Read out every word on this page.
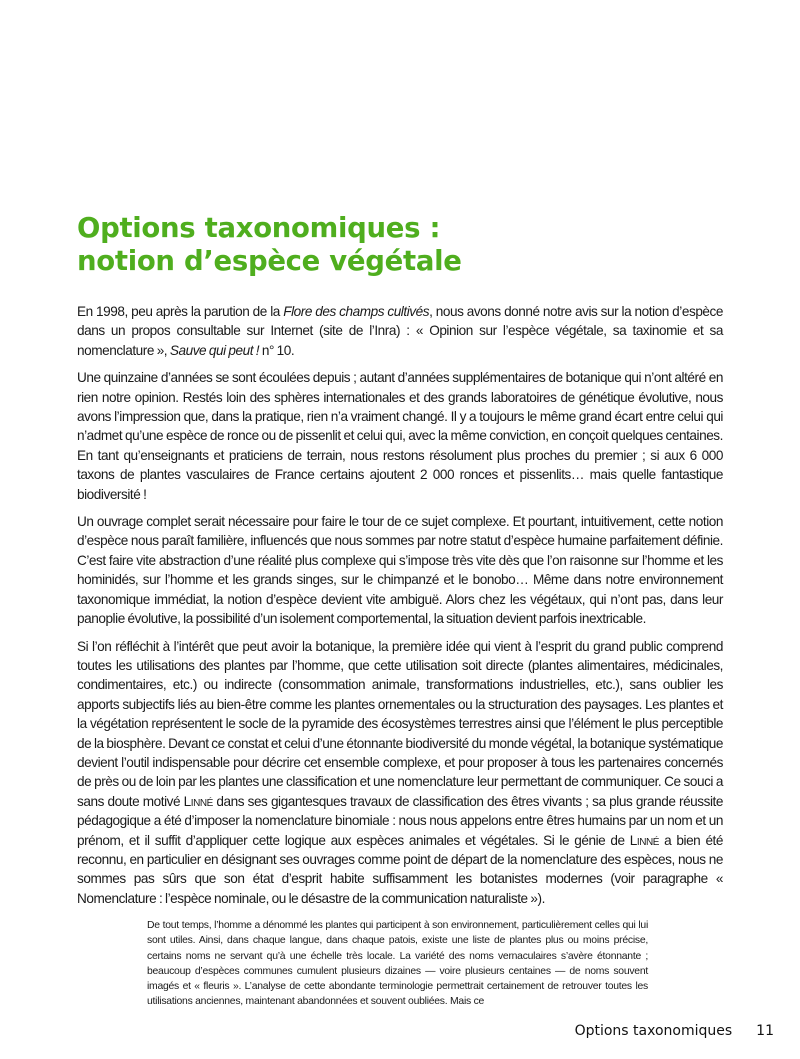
Options taxonomiques :
notion d’espèce végétale

En 1998, peu après la parution de la Flore des champs cultivés, nous avons donné notre avis sur la notion d’espèce dans un propos consultable sur Internet (site de l’Inra) : « Opinion sur l’espèce végétale, sa taxinomie et sa nomenclature », Sauve qui peut ! n° 10.

Une quinzaine d’années se sont écoulées depuis ; autant d’années supplémentaires de botanique qui n’ont altéré en rien notre opinion. Restés loin des sphères internationales et des grands laboratoires de génétique évolutive, nous avons l’impression que, dans la pratique, rien n’a vraiment changé. Il y a toujours le même grand écart entre celui qui n’admet qu’une espèce de ronce ou de pissenlit et celui qui, avec la même conviction, en conçoit quelques centaines. En tant qu’enseignants et praticiens de terrain, nous restons résolument plus proches du premier ; si aux 6 000 taxons de plantes vasculaires de France certains ajoutent 2 000 ronces et pissenlits… mais quelle fantastique biodiversité !

Un ouvrage complet serait nécessaire pour faire le tour de ce sujet complexe. Et pourtant, intuitivement, cette notion d’espèce nous paraît familière, influencés que nous sommes par notre statut d’espèce humaine parfaitement définie. C’est faire vite abstraction d’une réalité plus complexe qui s’impose très vite dès que l’on raisonne sur l’homme et les hominidés, sur l’homme et les grands singes, sur le chimpanzé et le bonobo… Même dans notre environnement taxonomique immédiat, la notion d’espèce devient vite ambiguë. Alors chez les végétaux, qui n’ont pas, dans leur panoplie évolutive, la possibilité d’un isolement comportemental, la situation devient parfois inextricable.

Si l’on réfléchit à l’intérêt que peut avoir la botanique, la première idée qui vient à l’esprit du grand public comprend toutes les utilisations des plantes par l’homme, que cette utilisation soit directe (plantes alimentaires, médicinales, condimentaires, etc.) ou indirecte (consommation animale, transformations industrielles, etc.), sans oublier les apports subjectifs liés au bien-être comme les plantes ornementales ou la structuration des paysages. Les plantes et la végétation représentent le socle de la pyramide des écosystèmes terrestres ainsi que l’élément le plus perceptible de la biosphère. Devant ce constat et celui d’une étonnante biodiversité du monde végétal, la botanique systématique devient l’outil indispensable pour décrire cet ensemble complexe, et pour proposer à tous les partenaires concernés de près ou de loin par les plantes une classification et une nomenclature leur permettant de communiquer. Ce souci a sans doute motivé Linné dans ses gigantesques travaux de classification des êtres vivants ; sa plus grande réussite pédagogique a été d’imposer la nomenclature binomiale : nous nous appelons entre êtres humains par un nom et un prénom, et il suffit d’appliquer cette logique aux espèces animales et végétales. Si le génie de Linné a bien été reconnu, en particulier en désignant ses ouvrages comme point de départ de la nomenclature des espèces, nous ne sommes pas sûrs que son état d’esprit habite suffisamment les botanistes modernes (voir paragraphe « Nomenclature : l’espèce nominale, ou le désastre de la communication naturaliste »).

De tout temps, l’homme a dénommé les plantes qui participent à son environnement, particulièrement celles qui lui sont utiles. Ainsi, dans chaque langue, dans chaque patois, existe une liste de plantes plus ou moins précise, certains noms ne servant qu’à une échelle très locale. La variété des noms vernaculaires s’avère étonnante ; beaucoup d’espèces communes cumulent plusieurs dizaines — voire plusieurs centaines — de noms souvent imagés et « fleuris ». L’analyse de cette abondante terminologie permettrait certainement de retrouver toutes les utilisations anciennes, maintenant abandonnées et souvent oubliées. Mais ce

Options taxonomiques 11
